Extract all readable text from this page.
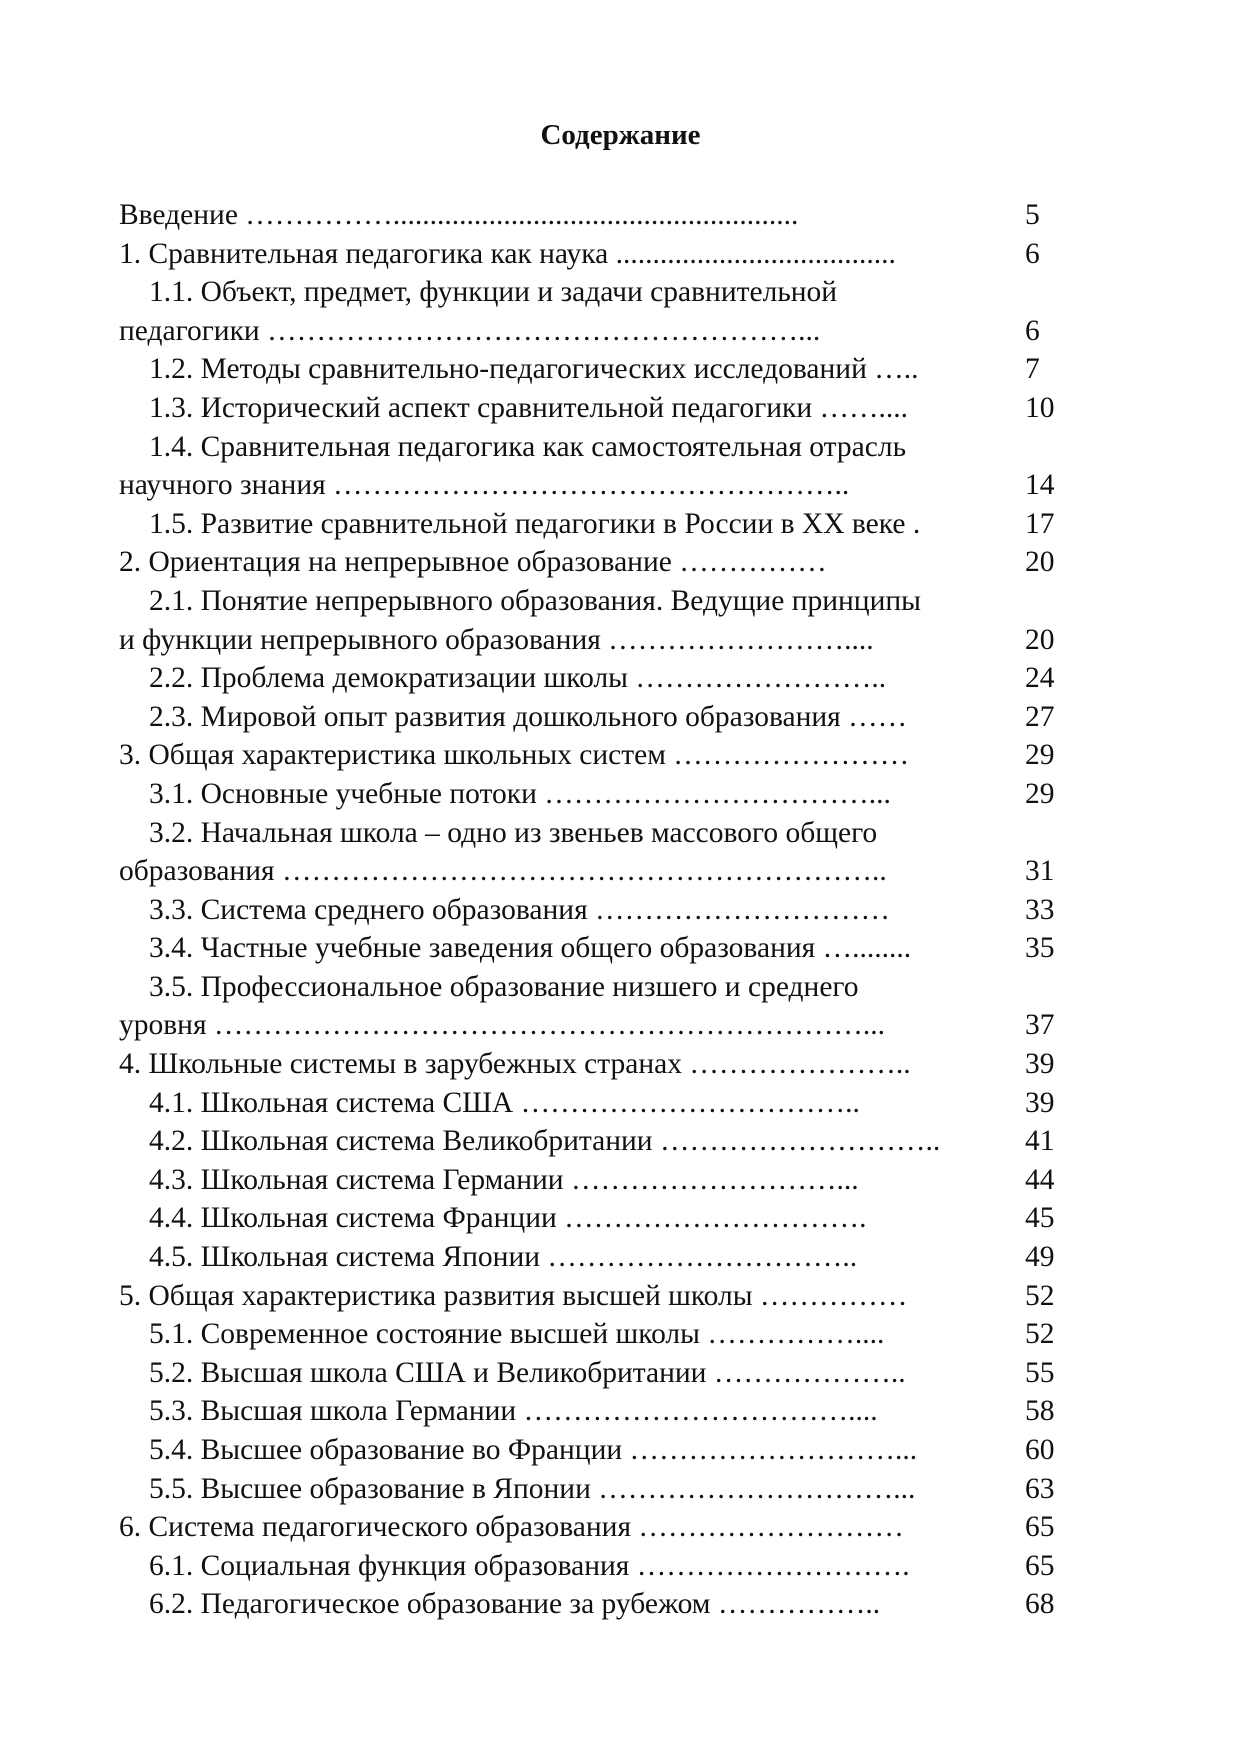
Содержание
Введение …………….......................................................	5
1. Сравнительная педагогика как наука ......................................	6
1.1. Объект, предмет, функции и задачи сравнительной
педагогики ………………………………………………...	6
1.2. Методы сравнительно-педагогических исследований …..	7
1.3. Исторический аспект сравнительной педагогики ……....	10
1.4. Сравнительная педагогика как самостоятельная отрасль
научного знания ……………………………………………..	14
1.5. Развитие сравнительной педагогики в России в XX веке .	17
2. Ориентация на непрерывное образование ……………	20
2.1. Понятие непрерывного образования. Ведущие принципы
и функции непрерывного образования ……………………....	20
2.2. Проблема демократизации школы ……………………..	24
2.3. Мировой опыт развития дошкольного образования ……	27
3. Общая характеристика школьных систем ……………………	29
3.1. Основные учебные потоки ……………………………...	29
3.2. Начальная школа – одно из звеньев массового общего
образования ……………………………………………………..	31
3.3. Система среднего образования …………………………	33
3.4. Частные учебные заведения общего образования …........	35
3.5. Профессиональное образование низшего и среднего
уровня …………………………………………………………...	37
4. Школьные системы в зарубежных странах …………………..	39
4.1. Школьная система США ……………………………..	39
4.2. Школьная система Великобритании ………………………..	41
4.3. Школьная система Германии ………………………...	44
4.4. Школьная система Франции ………………………….	45
4.5. Школьная система Японии …………………………..	49
5. Общая характеристика развития высшей школы ……………	52
5.1. Современное состояние высшей школы ……………....	52
5.2. Высшая школа США и Великобритании ………………..	55
5.3. Высшая школа Германии ……………………………....	58
5.4. Высшее образование во Франции ………………………...	60
5.5. Высшее образование в Японии …………………………...	63
6. Система педагогического образования ………………………	65
6.1. Социальная функция образования ……………………….	65
6.2. Педагогическое образование за рубежом ……………..	68
